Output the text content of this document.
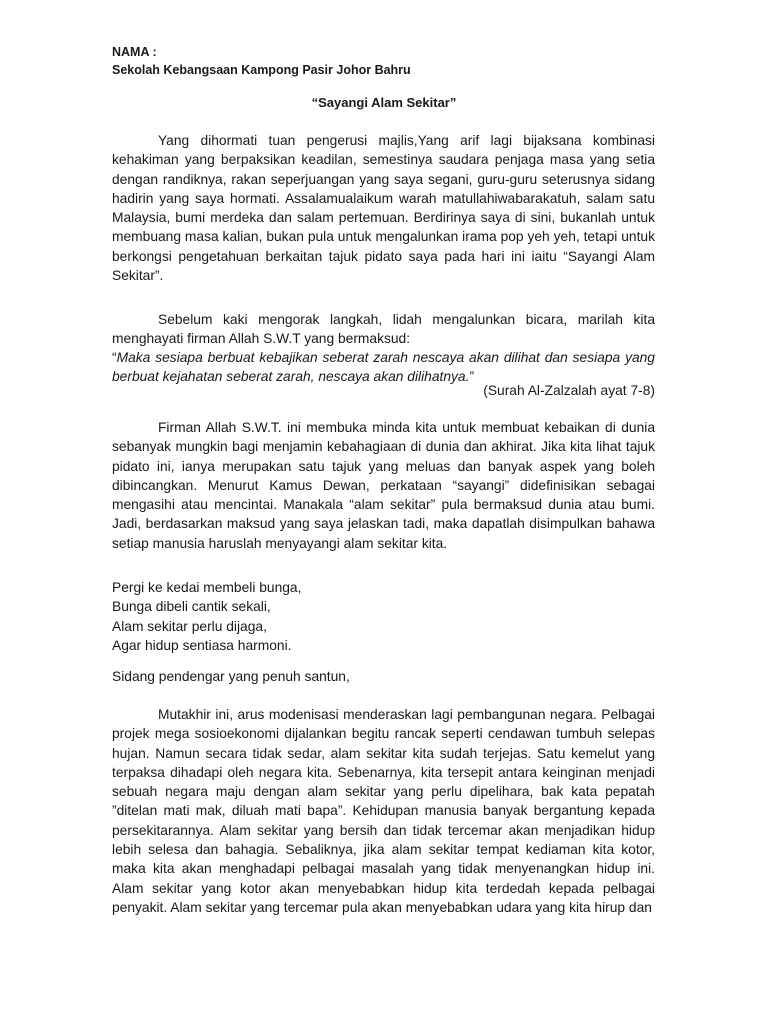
NAMA :
Sekolah Kebangsaan Kampong Pasir Johor Bahru
“Sayangi Alam Sekitar”

Yang dihormati tuan pengerusi majlis,Yang arif lagi bijaksana kombinasi kehakiman yang berpaksikan keadilan, semestinya saudara penjaga masa yang setia dengan randiknya, rakan seperjuangan yang saya segani, guru-guru seterusnya sidang hadirin yang saya hormati. Assalamualaikum warah matullahiwabarakatuh, salam satu Malaysia, bumi merdeka dan salam pertemuan. Berdirinya saya di sini, bukanlah untuk membuang masa kalian, bukan pula untuk mengalunkan irama pop yeh yeh, tetapi untuk berkongsi pengetahuan berkaitan tajuk pidato saya pada hari ini iaitu “Sayangi Alam Sekitar”.

Sebelum kaki mengorak langkah, lidah mengalunkan bicara, marilah kita menghayati firman Allah S.W.T yang bermaksud:

“Maka sesiapa berbuat kebajikan seberat zarah nescaya akan dilihat dan sesiapa yang berbuat kejahatan seberat zarah, nescaya akan dilihatnya.”

(Surah Al-Zalzalah ayat 7-8)

Firman Allah S.W.T. ini membuka minda kita untuk membuat kebaikan di dunia sebanyak mungkin bagi menjamin kebahagiaan di dunia dan akhirat. Jika kita lihat tajuk pidato ini, ianya merupakan satu tajuk yang meluas dan banyak aspek yang boleh dibincangkan. Menurut Kamus Dewan, perkataan “sayangi” didefinisikan sebagai mengasihi atau mencintai. Manakala “alam sekitar” pula bermaksud dunia atau bumi. Jadi, berdasarkan maksud yang saya jelaskan tadi, maka dapatlah disimpulkan bahawa setiap manusia haruslah menyayangi alam sekitar kita.

Pergi ke kedai membeli bunga,
Bunga dibeli cantik sekali,
Alam sekitar perlu dijaga,
Agar hidup sentiasa harmoni.
Sidang pendengar yang penuh santun,

Mutakhir ini, arus modenisasi menderaskan lagi pembangunan negara. Pelbagai projek mega sosioekonomi dijalankan begitu rancak seperti cendawan tumbuh selepas hujan. Namun secara tidak sedar, alam sekitar kita sudah terjejas. Satu kemelut yang terpaksa dihadapi oleh negara kita. Sebenarnya, kita tersepit antara keinginan menjadi sebuah negara maju dengan alam sekitar yang perlu dipelihara, bak kata pepatah ”ditelan mati mak, diluah mati bapa”. Kehidupan manusia banyak bergantung kepada persekitarannya. Alam sekitar yang bersih dan tidak tercemar akan menjadikan hidup lebih selesa dan bahagia. Sebaliknya, jika alam sekitar tempat kediaman kita kotor, maka kita akan menghadapi pelbagai masalah yang tidak menyenangkan hidup ini. Alam sekitar yang kotor akan menyebabkan hidup kita terdedah kepada pelbagai penyakit. Alam sekitar yang tercemar pula akan menyebabkan udara yang kita hirup dan
